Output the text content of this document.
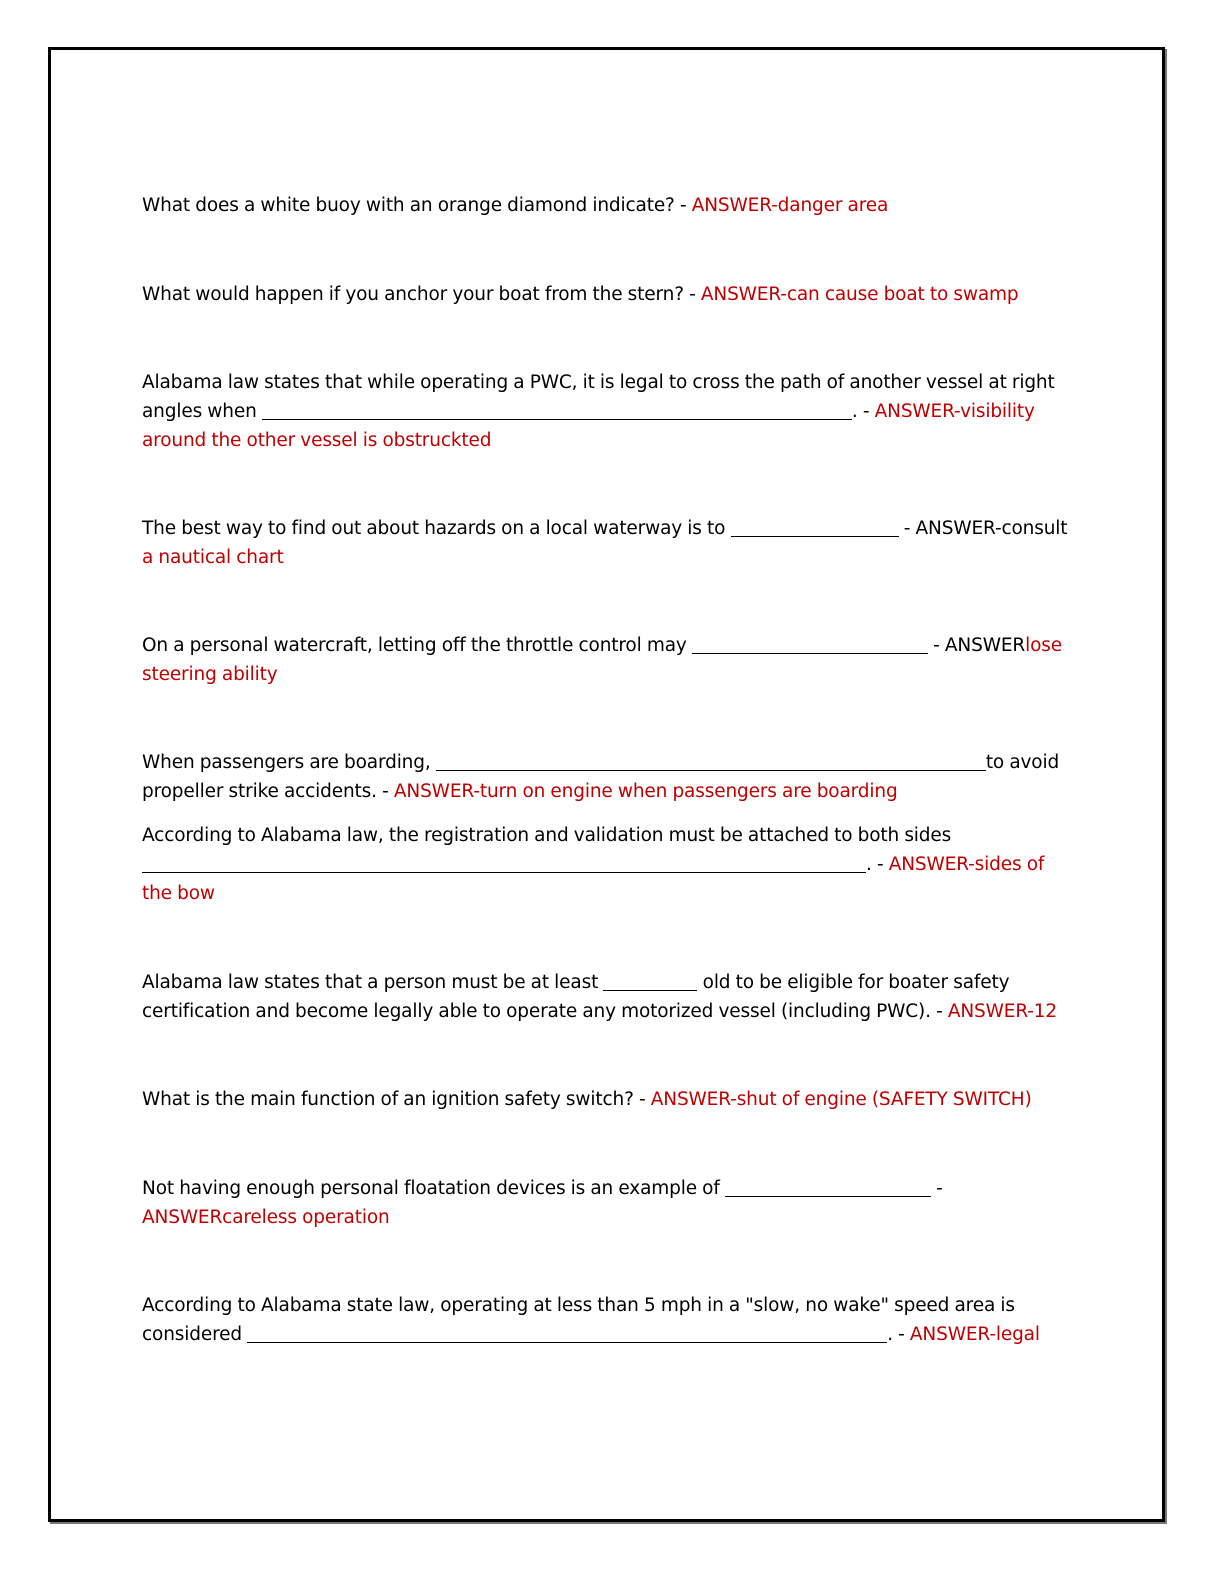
What does a white buoy with an orange diamond indicate? - ANSWER-danger area

What would happen if you anchor your boat from the stern? - ANSWER-can cause boat to swamp

Alabama law states that while operating a PWC, it is legal to cross the path of another vessel at right angles when	. - ANSWER-visibility around the other vessel is obstruckted

The best way to find out about hazards on a local waterway is to	- ANSWER-consult a nautical chart

On a personal watercraft, letting off the throttle control may	- ANSWERlose steering ability

When passengers are boarding,	to avoid propeller strike accidents. - ANSWER-turn on engine when passengers are boarding

According to Alabama law, the registration and validation must be attached to both sides . - ANSWER-sides of the bow

Alabama law states that a person must be at least	old to be eligible for boater safety certification and become legally able to operate any motorized vessel (including PWC). - ANSWER-12

What is the main function of an ignition safety switch? - ANSWER-shut of engine (SAFETY SWITCH)

Not having enough personal floatation devices is an example of	- ANSWERcareless operation

According to Alabama state law, operating at less than 5 mph in a "slow, no wake" speed area is considered	. - ANSWER-legal
